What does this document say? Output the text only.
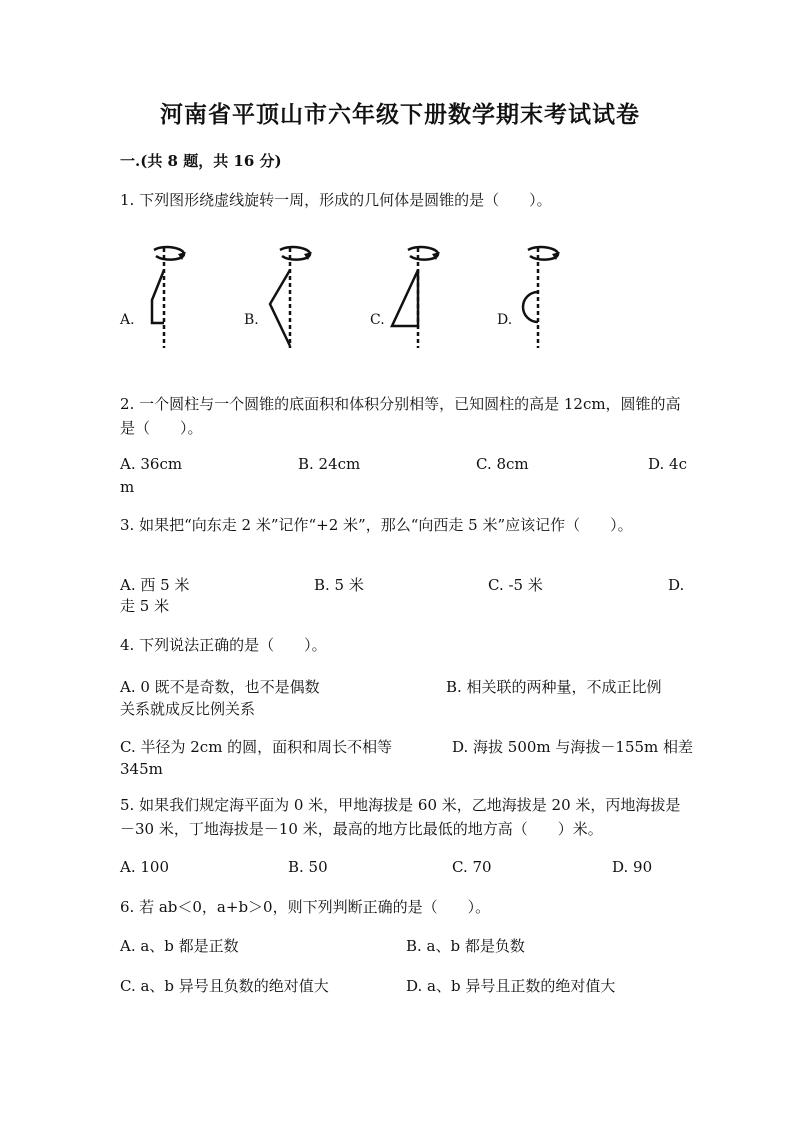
河南省平顶山市六年级下册数学期末考试试卷
一.(共 8 题，共 16 分)
1. 下列图形绕虚线旋转一周，形成的几何体是圆锥的是（　　）。
A.	B.	C.	D.
2. 一个圆柱与一个圆锥的底面积和体积分别相等，已知圆柱的高是 12cm，圆锥的高是（　　）。
A. 36cm	B. 24cm	C. 8cm	D. 4c
m
3. 如果把“向东走 2 米”记作“+2 米”，那么“向西走 5 米”应该记作（　　）。
A. 西 5 米	B. 5 米	C. -5 米	D.
走 5 米
4. 下列说法正确的是（　　）。
A. 0 既不是奇数，也不是偶数	B. 相关联的两种量，不成正比例
关系就成反比例关系
C. 半径为 2cm 的圆，面积和周长不相等	D. 海拔 500m 与海拔－155m 相差
345m
5. 如果我们规定海平面为 0 米，甲地海拔是 60 米，乙地海拔是 20 米，丙地海拔是－30 米，丁地海拔是－10 米，最高的地方比最低的地方高（　　）米。
A. 100	B. 50	C. 70	D. 90
6. 若 ab＜0，a+b＞0，则下列判断正确的是（　　）。
A. a、b 都是正数	B. a、b 都是负数
C. a、b 异号且负数的绝对值大	D. a、b 异号且正数的绝对值大
